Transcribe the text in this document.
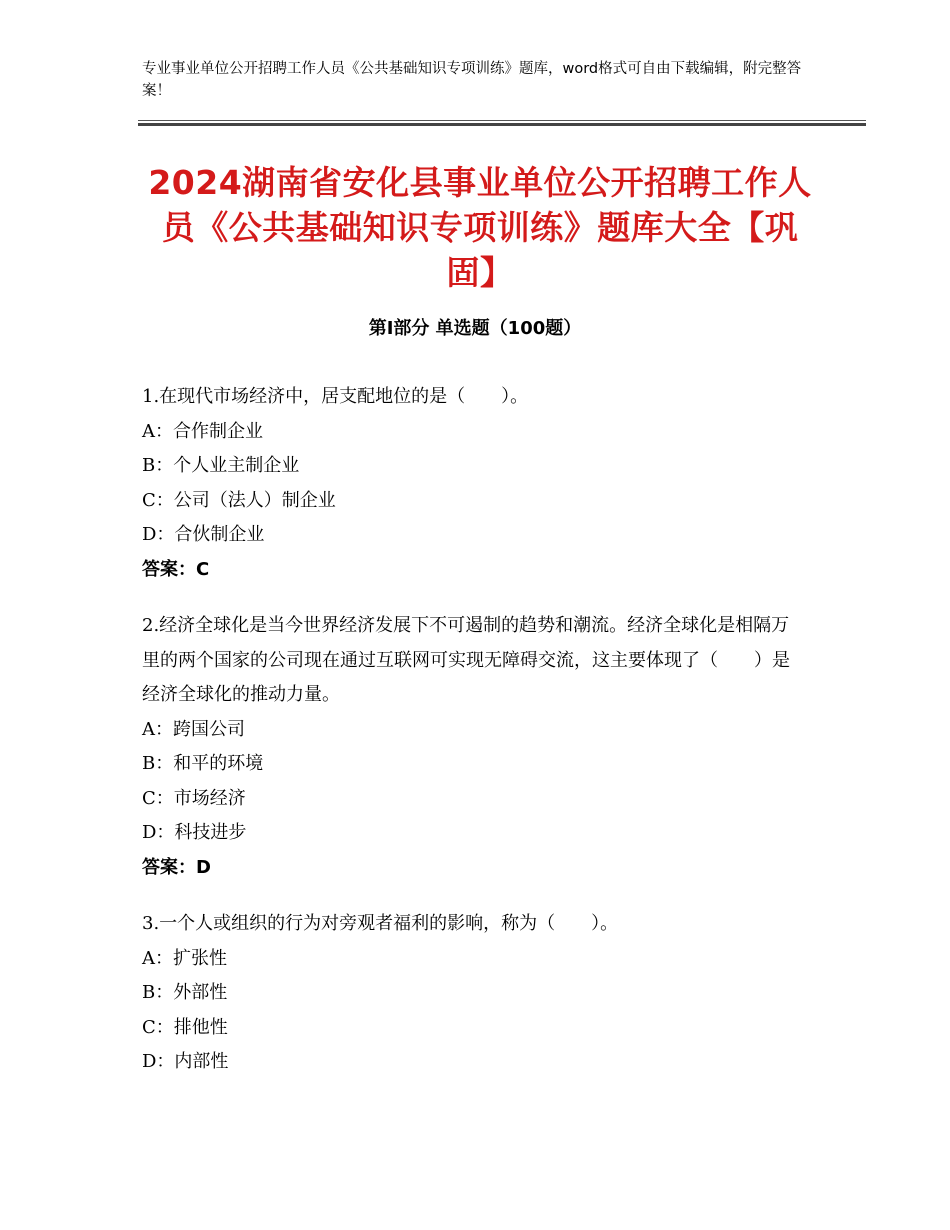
专业事业单位公开招聘工作人员《公共基础知识专项训练》题库，word格式可自由下载编辑，附完整答案！
2024湖南省安化县事业单位公开招聘工作人员《公共基础知识专项训练》题库大全【巩固】
第Ⅰ部分 单选题（100题）

1.在现代市场经济中，居支配地位的是（　　）。

A：合作制企业

B：个人业主制企业

C：公司（法人）制企业

D：合伙制企业

答案：C

2.经济全球化是当今世界经济发展下不可遏制的趋势和潮流。经济全球化是相隔万里的两个国家的公司现在通过互联网可实现无障碍交流，这主要体现了（　　）是经济全球化的推动力量。

A：跨国公司

B：和平的环境

C：市场经济

D：科技进步

答案：D

3.一个人或组织的行为对旁观者福利的影响，称为（　　）。

A：扩张性

B：外部性

C：排他性

D：内部性
